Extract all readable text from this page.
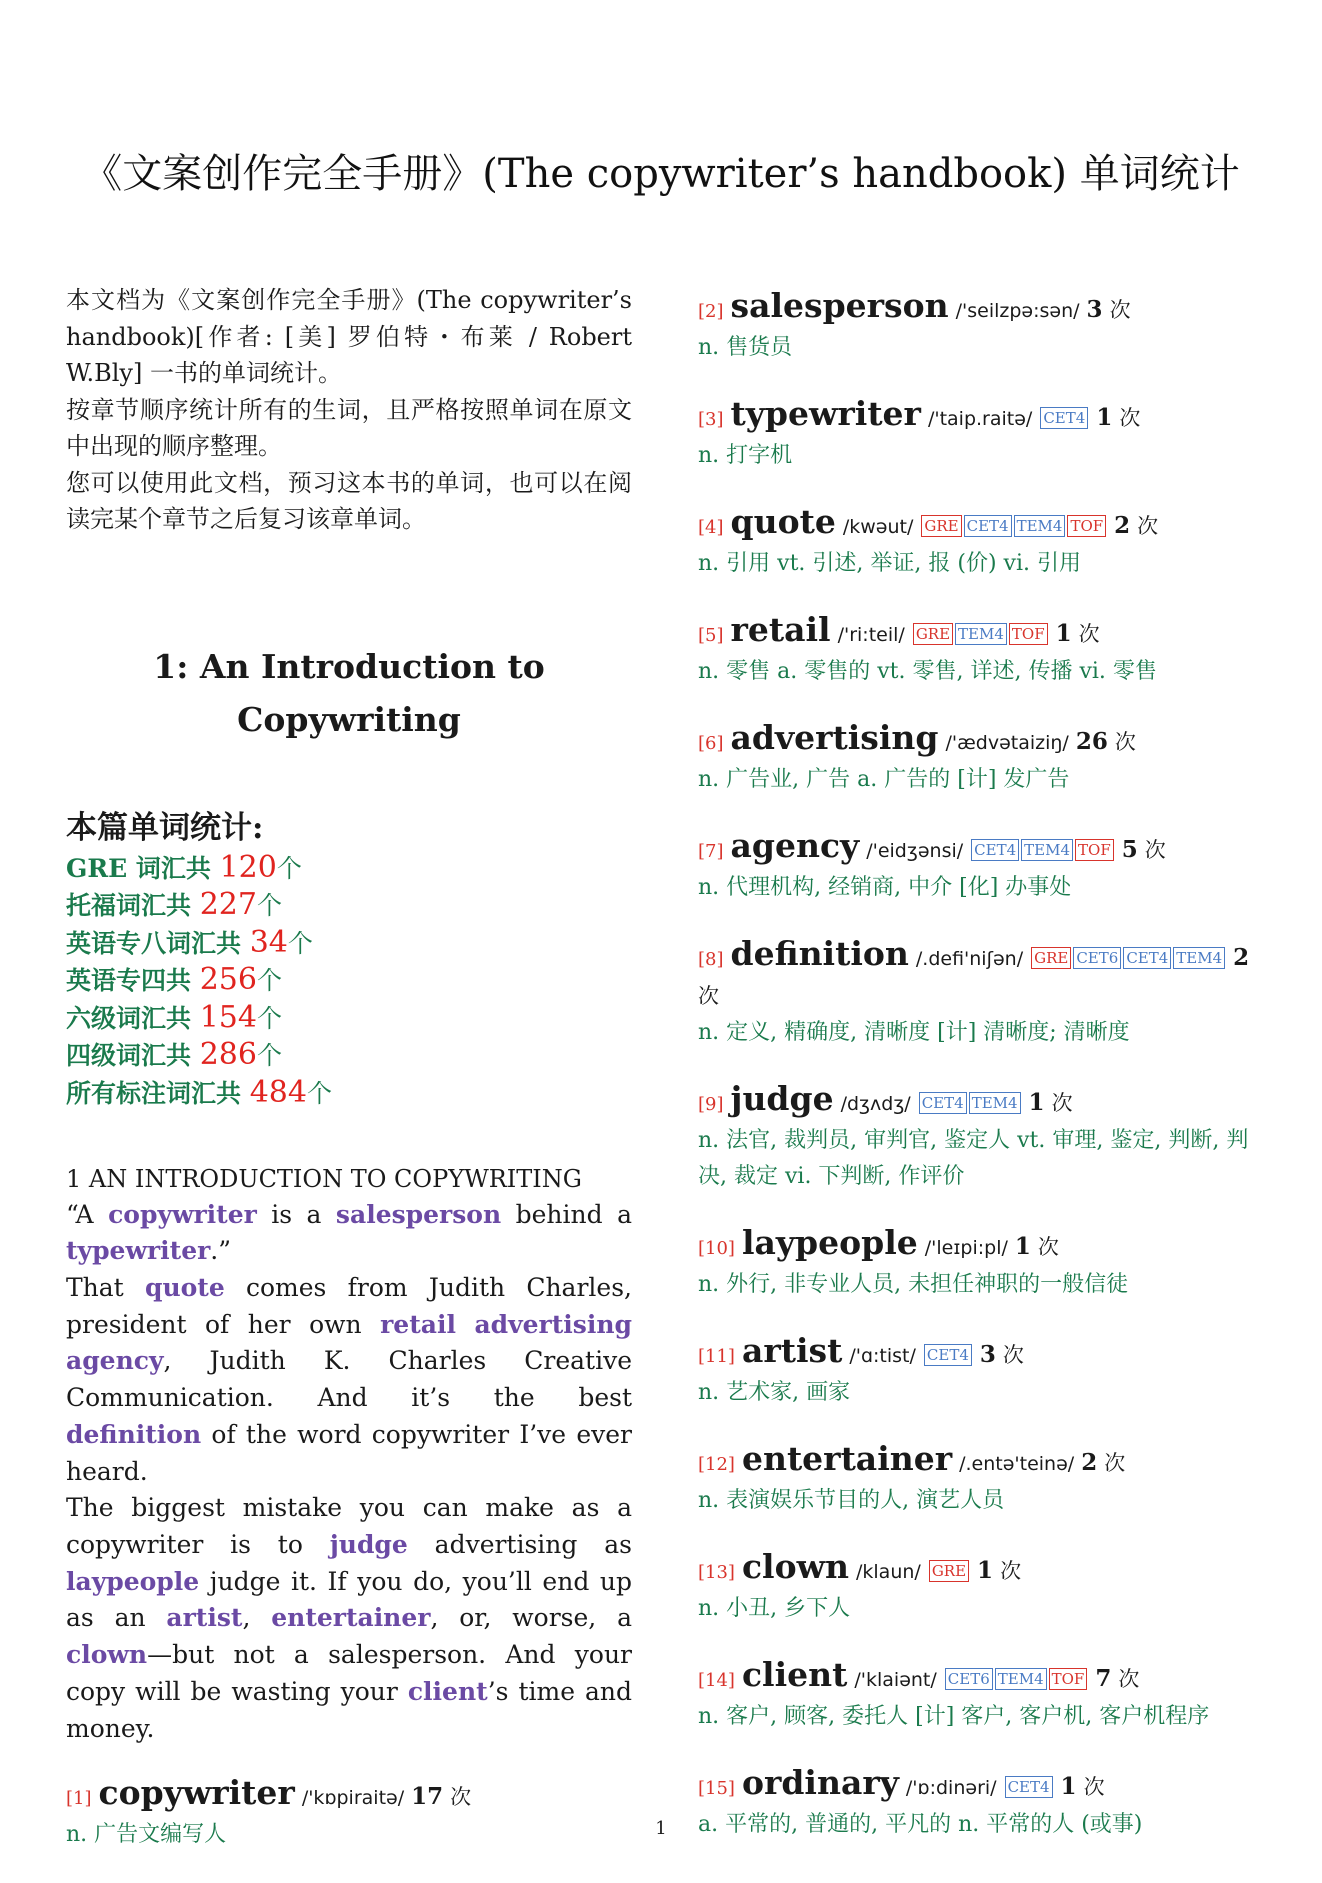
《文案创作完全手册》(The copywriter’s handbook) 单词统计

本文档为《文案创作完全手册》(The copywriter’s handbook)[作者: [美] 罗伯特・布莱 / Robert W.Bly] 一书的单词统计。

按章节顺序统计所有的生词，且严格按照单词在原文中出现的顺序整理。

您可以使用此文档，预习这本书的单词，也可以在阅读完某个章节之后复习该章单词。

1: An Introduction to
Copywriting
本篇单词统计:
GRE 词汇共 120个
托福词汇共 227个
英语专八词汇共 34个
英语专四共 256个
六级词汇共 154个
四级词汇共 286个
所有标注词汇共 484个
1 AN INTRODUCTION TO COPYWRITING

“A copywriter is a salesperson behind a typewriter.”

That quote comes from Judith Charles, president of her own retail advertising agency, Judith K. Charles Creative Communication. And it’s the best definition of the word copywriter I’ve ever heard.

The biggest mistake you can make as a copywriter is to judge advertising as laypeople judge it. If you do, you’ll end up as an artist, entertainer, or, worse, a clown—but not a salesperson. And your copy will be wasting your client’s time and money.

[1] copywriter /'kɒpiraitə/ 17 次
n. 广告文编写人
[2] salesperson /'seilzpə:sən/ 3 次
n. 售货员
[3] typewriter /'taip.raitə/ CET4 1 次
n. 打字机
[4] quote /kwəut/ GRE CET4 TEM4 TOF 2 次
n. 引用 vt. 引述, 举证, 报 (价) vi. 引用
[5] retail /'ri:teil/ GRE TEM4 TOF 1 次
n. 零售 a. 零售的 vt. 零售, 详述, 传播 vi. 零售
[6] advertising /'ædvətaiziŋ/ 26 次
n. 广告业, 广告 a. 广告的 [计] 发广告
[7] agency /'eidʒənsi/ CET4 TEM4 TOF 5 次
n. 代理机构, 经销商, 中介 [化] 办事处
[8] definition /.defi'niʃən/ GRE CET6 CET4 TEM4 2 次
n. 定义, 精确度, 清晰度 [计] 清晰度; 清晰度
[9] judge /dʒʌdʒ/ CET4 TEM4 1 次
n. 法官, 裁判员, 审判官, 鉴定人 vt. 审理, 鉴定, 判断, 判决, 裁定 vi. 下判断, 作评价
[10] laypeople /'leɪpi:pl/ 1 次
n. 外行, 非专业人员, 未担任神职的一般信徒
[11] artist /'ɑ:tist/ CET4 3 次
n. 艺术家, 画家
[12] entertainer /.entə'teinə/ 2 次
n. 表演娱乐节目的人, 演艺人员
[13] clown /klaun/ GRE 1 次
n. 小丑, 乡下人
[14] client /'klaiənt/ CET6 TEM4 TOF 7 次
n. 客户, 顾客, 委托人 [计] 客户, 客户机, 客户机程序
[15] ordinary /'ɒ:dinəri/ CET4 1 次
a. 平常的, 普通的, 平凡的 n. 平常的人 (或事)
1
